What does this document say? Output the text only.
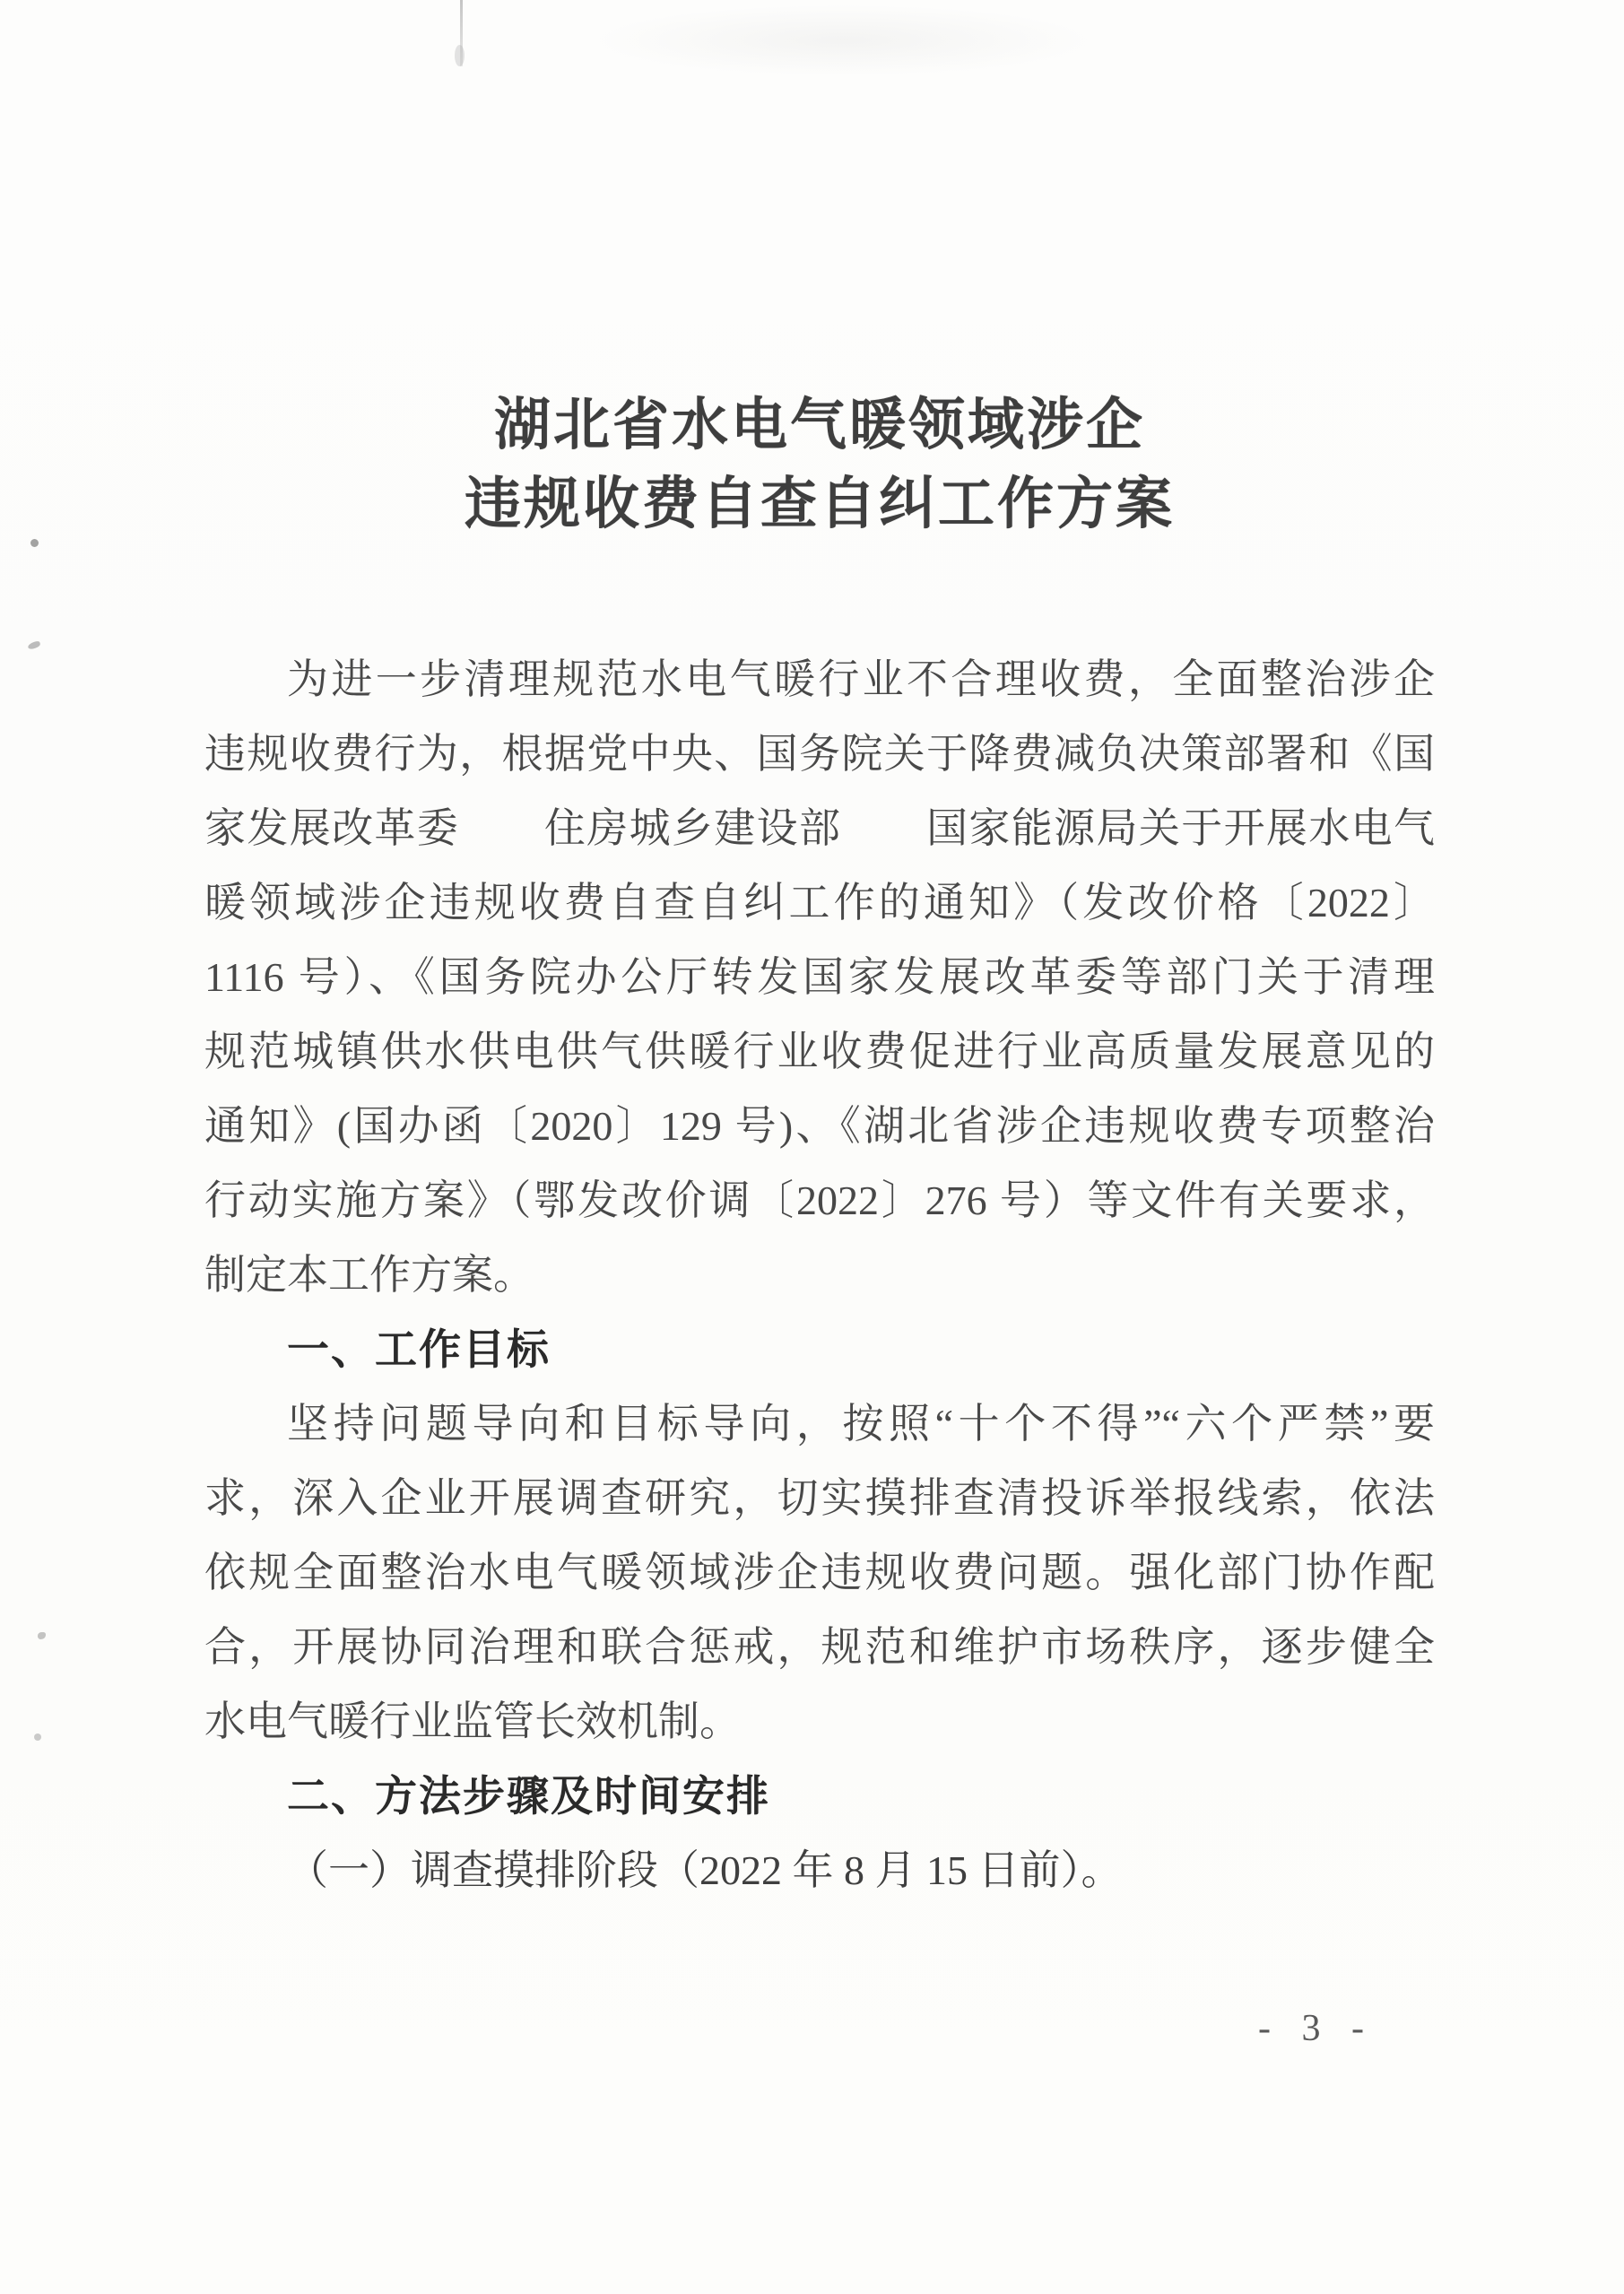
湖北省水电气暖领域涉企
违规收费自查自纠工作方案
为进一步清理规范水电气暖行业不合理收费，全面整治涉企
违规收费行为，根据党中央、国务院关于降费减负决策部署和《国
家发展改革委　　住房城乡建设部　　国家能源局关于开展水电气
暖领域涉企违规收费自查自纠工作的通知》（发改价格〔2022〕
1116 号）、《国务院办公厅转发国家发展改革委等部门关于清理
规范城镇供水供电供气供暖行业收费促进行业高质量发展意见的
通知》(国办函〔2020〕129 号)、《湖北省涉企违规收费专项整治
行动实施方案》（鄂发改价调〔2022〕276 号）等文件有关要求，
制定本工作方案。
一、工作目标
坚持问题导向和目标导向，按照“十个不得”“六个严禁”要
求，深入企业开展调查研究，切实摸排查清投诉举报线索，依法
依规全面整治水电气暖领域涉企违规收费问题。强化部门协作配
合，开展协同治理和联合惩戒，规范和维护市场秩序，逐步健全
水电气暖行业监管长效机制。
二、方法步骤及时间安排
（一）调查摸排阶段（2022 年 8 月 15 日前）。
- 3 -
